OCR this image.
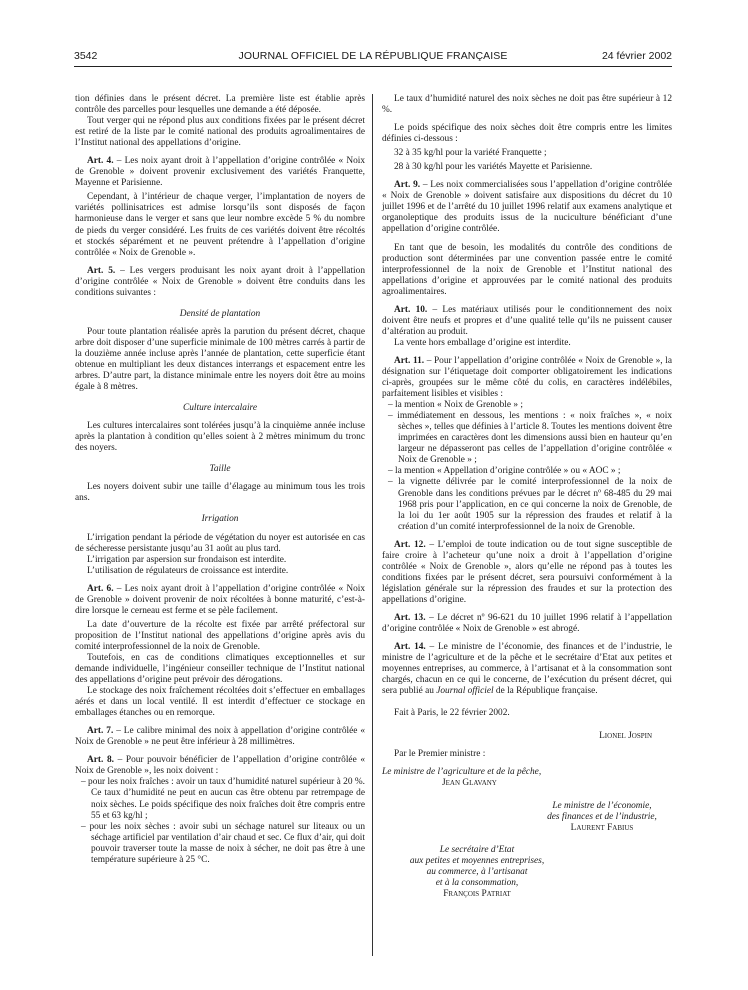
3542	JOURNAL OFFICIEL DE LA RÉPUBLIQUE FRANÇAISE	24 février 2002
tion définies dans le présent décret. La première liste est établie après contrôle des parcelles pour lesquelles une demande a été déposée.
Tout verger qui ne répond plus aux conditions fixées par le présent décret est retiré de la liste par le comité national des produits agroalimentaires de l’Institut national des appellations d’origine.
Art. 4. – Les noix ayant droit à l’appellation d’origine contrôlée « Noix de Grenoble » doivent provenir exclusivement des variétés Franquette, Mayenne et Parisienne.
Cependant, à l’intérieur de chaque verger, l’implantation de noyers de variétés pollinisatrices est admise lorsqu’ils sont disposés de façon harmonieuse dans le verger et sans que leur nombre excède 5 % du nombre de pieds du verger considéré. Les fruits de ces variétés doivent être récoltés et stockés séparément et ne peuvent prétendre à l’appellation d’origine contrôlée « Noix de Grenoble ».
Art. 5. – Les vergers produisant les noix ayant droit à l’appellation d’origine contrôlée « Noix de Grenoble » doivent être conduits dans les conditions suivantes :
Densité de plantation
Pour toute plantation réalisée après la parution du présent décret, chaque arbre doit disposer d’une superficie minimale de 100 mètres carrés à partir de la douzième année incluse après l’année de plantation, cette superficie étant obtenue en multipliant les deux distances interrangs et espacement entre les arbres. D’autre part, la distance minimale entre les noyers doit être au moins égale à 8 mètres.
Culture intercalaire
Les cultures intercalaires sont tolérées jusqu’à la cinquième année incluse après la plantation à condition qu’elles soient à 2 mètres minimum du tronc des noyers.
Taille
Les noyers doivent subir une taille d’élagage au minimum tous les trois ans.
Irrigation
L’irrigation pendant la période de végétation du noyer est autorisée en cas de sécheresse persistante jusqu’au 31 août au plus tard.
L’irrigation par aspersion sur frondaison est interdite.
L’utilisation de régulateurs de croissance est interdite.
Art. 6. – Les noix ayant droit à l’appellation d’origine contrôlée « Noix de Grenoble » doivent provenir de noix récoltées à bonne maturité, c’est-à-dire lorsque le cerneau est ferme et se pèle facilement.
La date d’ouverture de la récolte est fixée par arrêté préfectoral sur proposition de l’Institut national des appellations d’origine après avis du comité interprofessionnel de la noix de Grenoble.
Toutefois, en cas de conditions climatiques exceptionnelles et sur demande individuelle, l’ingénieur conseiller technique de l’Institut national des appellations d’origine peut prévoir des dérogations.
Le stockage des noix fraîchement récoltées doit s’effectuer en emballages aérés et dans un local ventilé. Il est interdit d’effectuer ce stockage en emballages étanches ou en remorque.
Art. 7. – Le calibre minimal des noix à appellation d’origine contrôlée « Noix de Grenoble » ne peut être inférieur à 28 millimètres.
Art. 8. – Pour pouvoir bénéficier de l’appellation d’origine contrôlée « Noix de Grenoble », les noix doivent :
– pour les noix fraîches : avoir un taux d’humidité naturel supérieur à 20 %. Ce taux d’humidité ne peut en aucun cas être obtenu par retrempage de noix sèches. Le poids spécifique des noix fraîches doit être compris entre 55 et 63 kg/hl ;
– pour les noix sèches : avoir subi un séchage naturel sur liteaux ou un séchage artificiel par ventilation d’air chaud et sec. Ce flux d’air, qui doit pouvoir traverser toute la masse de noix à sécher, ne doit pas être à une température supérieure à 25 °C.
Le taux d’humidité naturel des noix sèches ne doit pas être supérieur à 12 %.
Le poids spécifique des noix sèches doit être compris entre les limites définies ci-dessous :
32 à 35 kg/hl pour la variété Franquette ;
28 à 30 kg/hl pour les variétés Mayette et Parisienne.
Art. 9. – Les noix commercialisées sous l’appellation d’origine contrôlée « Noix de Grenoble » doivent satisfaire aux dispositions du décret du 10 juillet 1996 et de l’arrêté du 10 juillet 1996 relatif aux examens analytique et organoleptique des produits issus de la nuciculture bénéficiant d’une appellation d’origine contrôlée.
En tant que de besoin, les modalités du contrôle des conditions de production sont déterminées par une convention passée entre le comité interprofessionnel de la noix de Grenoble et l’Institut national des appellations d’origine et approuvées par le comité national des produits agroalimentaires.
Art. 10. – Les matériaux utilisés pour le conditionnement des noix doivent être neufs et propres et d’une qualité telle qu’ils ne puissent causer d’altération au produit.
La vente hors emballage d’origine est interdite.
Art. 11. – Pour l’appellation d’origine contrôlée « Noix de Grenoble », la désignation sur l’étiquetage doit comporter obligatoirement les indications ci-après, groupées sur le même côté du colis, en caractères indélébiles, parfaitement lisibles et visibles :
– la mention « Noix de Grenoble » ;
– immédiatement en dessous, les mentions : « noix fraîches », « noix sèches », telles que définies à l’article 8. Toutes les mentions doivent être imprimées en caractères dont les dimensions aussi bien en hauteur qu’en largeur ne dépasseront pas celles de l’appellation d’origine contrôlée « Noix de Grenoble » ;
– la mention « Appellation d’origine contrôlée » ou « AOC » ;
– la vignette délivrée par le comité interprofessionnel de la noix de Grenoble dans les conditions prévues par le décret nº 68-485 du 29 mai 1968 pris pour l’application, en ce qui concerne la noix de Grenoble, de la loi du 1er août 1905 sur la répression des fraudes et relatif à la création d’un comité interprofessionnel de la noix de Grenoble.
Art. 12. – L’emploi de toute indication ou de tout signe susceptible de faire croire à l’acheteur qu’une noix a droit à l’appellation d’origine contrôlée « Noix de Grenoble », alors qu’elle ne répond pas à toutes les conditions fixées par le présent décret, sera poursuivi conformément à la législation générale sur la répression des fraudes et sur la protection des appellations d’origine.
Art. 13. – Le décret nº 96-621 du 10 juillet 1996 relatif à l’appellation d’origine contrôlée « Noix de Grenoble » est abrogé.
Art. 14. – Le ministre de l’économie, des finances et de l’industrie, le ministre de l’agriculture et de la pêche et le secrétaire d’Etat aux petites et moyennes entreprises, au commerce, à l’artisanat et à la consommation sont chargés, chacun en ce qui le concerne, de l’exécution du présent décret, qui sera publié au Journal officiel de la République française.
Fait à Paris, le 22 février 2002.
Lionel Jospin
Par le Premier ministre :
Le ministre de l’agriculture et de la pêche,
Jean Glavany
Le ministre de l’économie,
des finances et de l’industrie,
Laurent Fabius
Le secrétaire d’Etat
aux petites et moyennes entreprises,
au commerce, à l’artisanat
et à la consommation,
François Patriat
